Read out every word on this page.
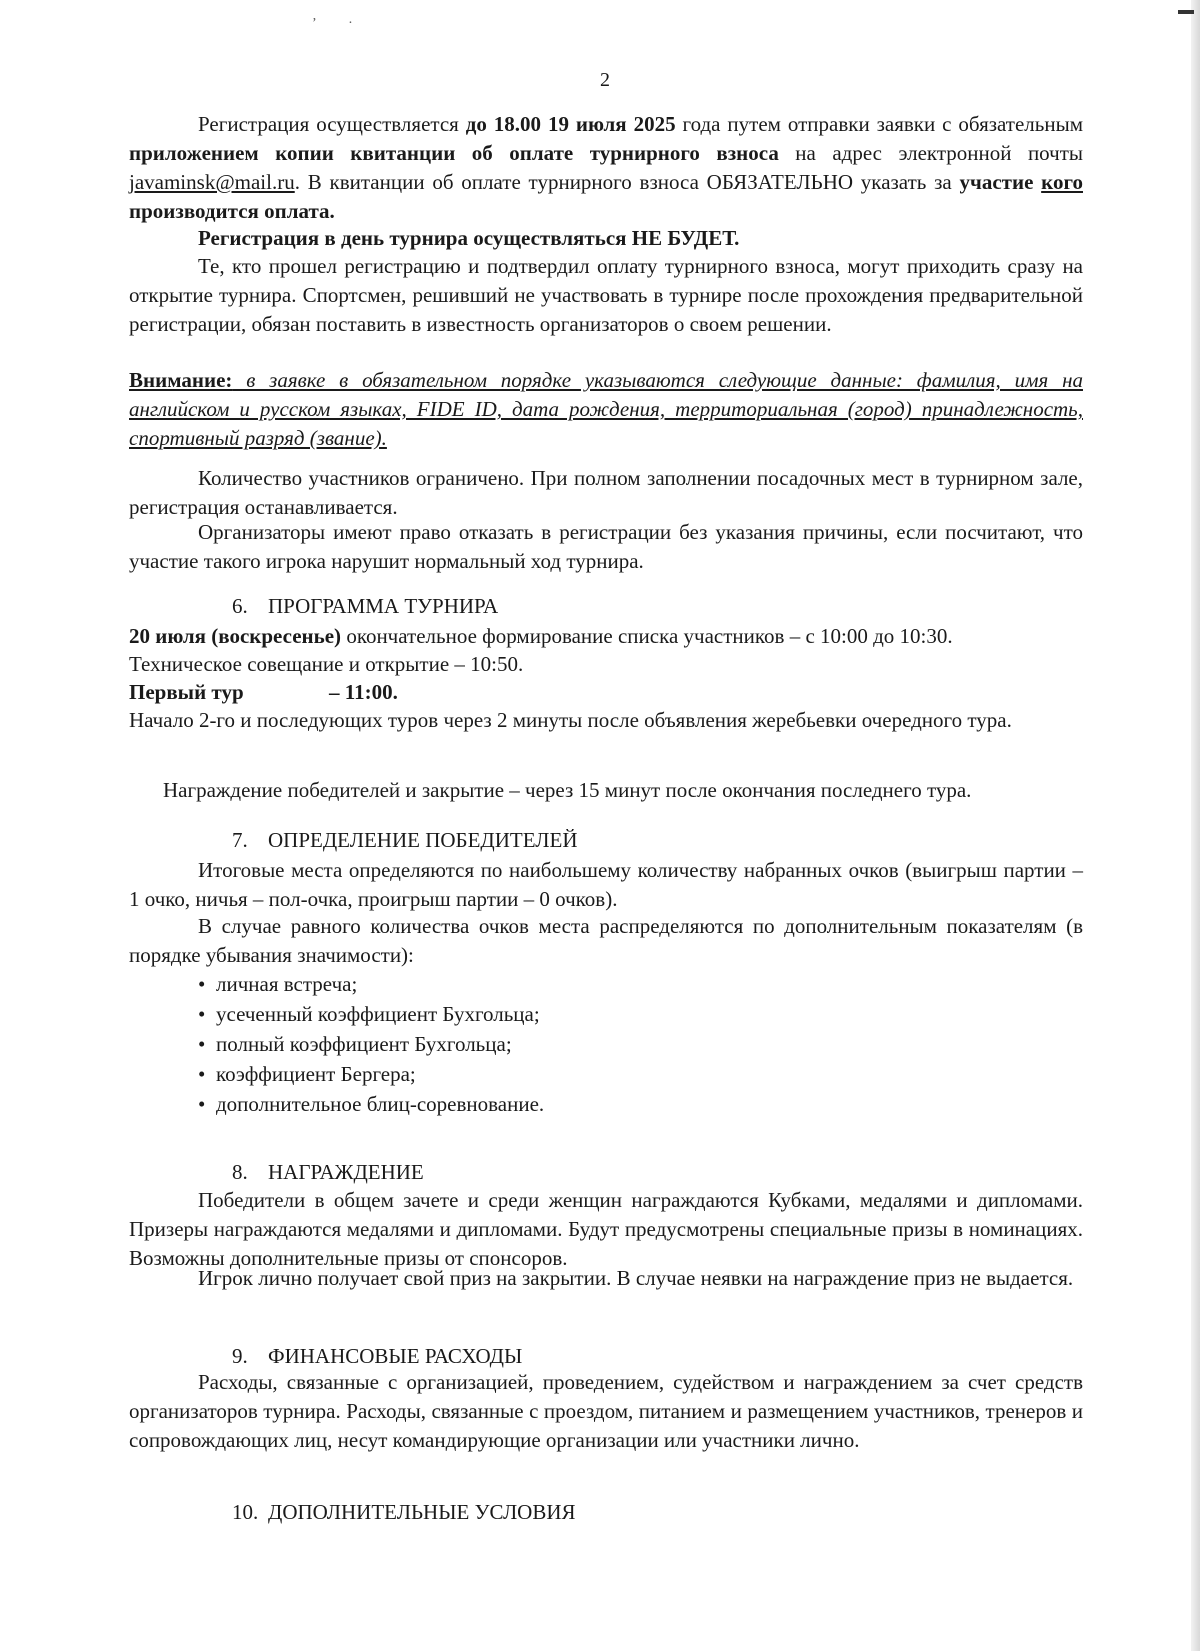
ʼ ·
2

Регистрация осуществляется до 18.00 19 июля 2025 года путем отправки заявки с обязательным приложением копии квитанции об оплате турнирного взноса на адрес электронной почты javaminsk@mail.ru. В квитанции об оплате турнирного взноса ОБЯЗАТЕЛЬНО указать за участие кого производится оплата.

Регистрация в день турнира осуществляться НЕ БУДЕТ.

Те, кто прошел регистрацию и подтвердил оплату турнирного взноса, могут приходить сразу на открытие турнира. Спортсмен, решивший не участвовать в турнире после прохождения предварительной регистрации, обязан поставить в известность организаторов о своем решении.

Внимание: в заявке в обязательном порядке указываются следующие данные: фамилия, имя на английском и русском языках, FIDE ID, дата рождения, территориальная (город) принадлежность, спортивный разряд (звание).

Количество участников ограничено. При полном заполнении посадочных мест в турнирном зале, регистрация останавливается.

Организаторы имеют право отказать в регистрации без указания причины, если посчитают, что участие такого игрока нарушит нормальный ход турнира.

6. ПРОГРАММА ТУРНИРА

20 июля (воскресенье) окончательное формирование списка участников – с 10:00 до 10:30.

Техническое совещание и открытие – 10:50.

Первый тур	– 11:00.

Начало 2-го и последующих туров через 2 минуты после объявления жеребьевки очередного тура.

Награждение победителей и закрытие – через 15 минут после окончания последнего тура.

7. ОПРЕДЕЛЕНИЕ ПОБЕДИТЕЛЕЙ

Итоговые места определяются по наибольшему количеству набранных очков (выигрыш партии – 1 очко, ничья – пол-очка, проигрыш партии – 0 очков).

В случае равного количества очков места распределяются по дополнительным показателям (в порядке убывания значимости):

• личная встреча;

• усеченный коэффициент Бухгольца;

• полный коэффициент Бухгольца;

• коэффициент Бергера;

• дополнительное блиц-соревнование.

8. НАГРАЖДЕНИЕ

Победители в общем зачете и среди женщин награждаются Кубками, медалями и дипломами. Призеры награждаются медалями и дипломами. Будут предусмотрены специальные призы в номинациях. Возможны дополнительные призы от спонсоров.

Игрок лично получает свой приз на закрытии. В случае неявки на награждение приз не выдается.

9. ФИНАНСОВЫЕ РАСХОДЫ

Расходы, связанные с организацией, проведением, судейством и награждением за счет средств организаторов турнира. Расходы, связанные с проездом, питанием и размещением участников, тренеров и сопровождающих лиц, несут командирующие организации или участники лично.

10. ДОПОЛНИТЕЛЬНЫЕ УСЛОВИЯ
